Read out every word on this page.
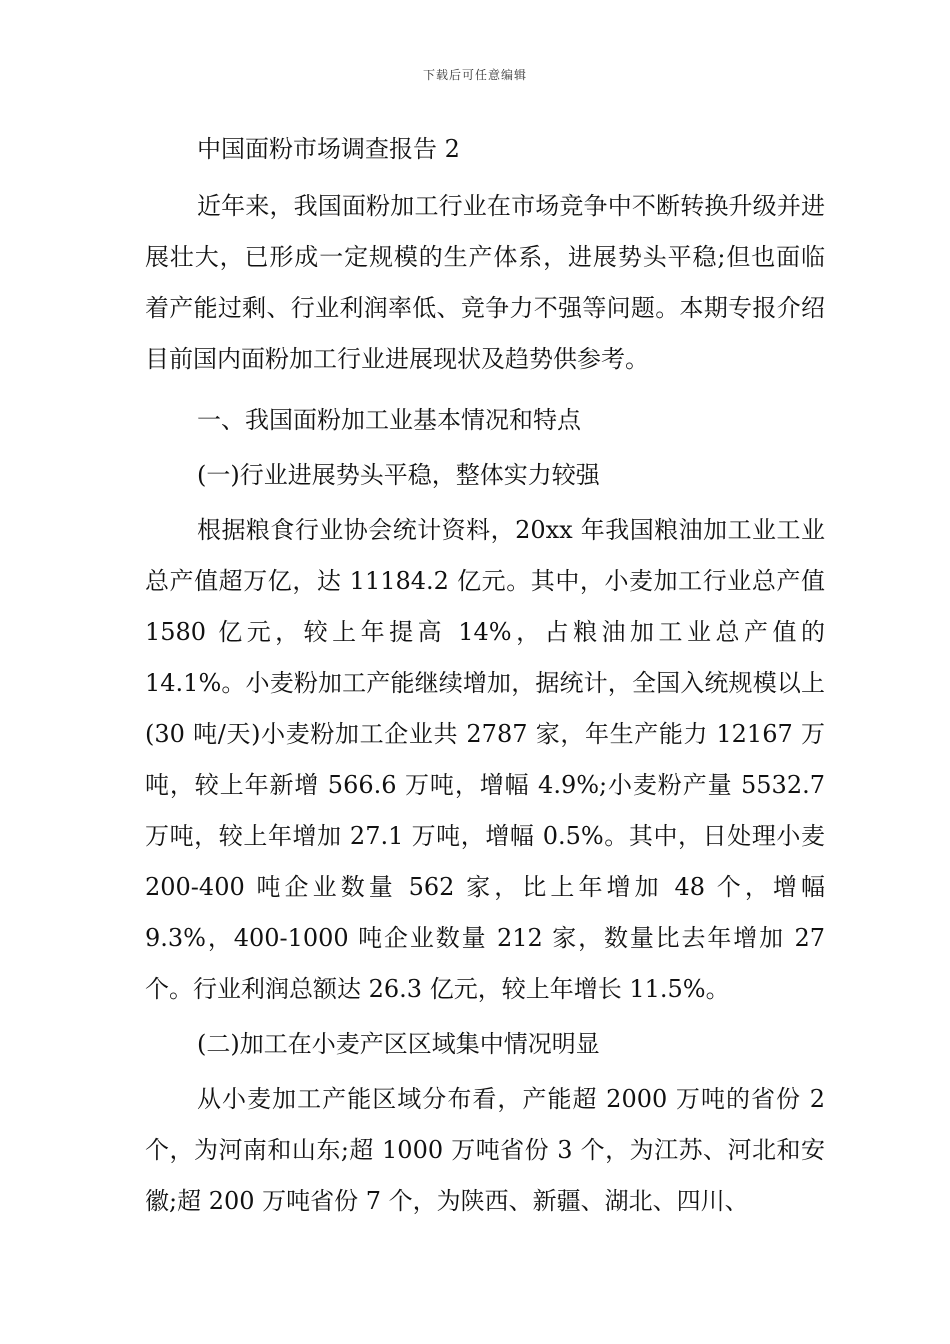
下载后可任意编辑

中国面粉市场调查报告 2

近年来，我国面粉加工行业在市场竞争中不断转换升级并进展壮大，已形成一定规模的生产体系，进展势头平稳;但也面临着产能过剩、行业利润率低、竞争力不强等问题。本期专报介绍目前国内面粉加工行业进展现状及趋势供参考。

一、我国面粉加工业基本情况和特点

(一)行业进展势头平稳，整体实力较强

根据粮食行业协会统计资料，20xx 年我国粮油加工业工业总产值超万亿，达 11184.2 亿元。其中，小麦加工行业总产值 1580 亿元，较上年提高 14%，占粮油加工业总产值的 14.1%。小麦粉加工产能继续增加，据统计，全国入统规模以上(30 吨/天)小麦粉加工企业共 2787 家，年生产能力 12167 万吨，较上年新增 566.6 万吨，增幅 4.9%;小麦粉产量 5532.7 万吨，较上年增加 27.1 万吨，增幅 0.5%。其中，日处理小麦 200-400 吨企业数量 562 家，比上年增加 48 个，增幅 9.3%，400-1000 吨企业数量 212 家，数量比去年增加 27 个。行业利润总额达 26.3 亿元，较上年增长 11.5%。

(二)加工在小麦产区区域集中情况明显

从小麦加工产能区域分布看，产能超 2000 万吨的省份 2 个，为河南和山东;超 1000 万吨省份 3 个，为江苏、河北和安徽;超 200 万吨省份 7 个，为陕西、新疆、湖北、四川、
